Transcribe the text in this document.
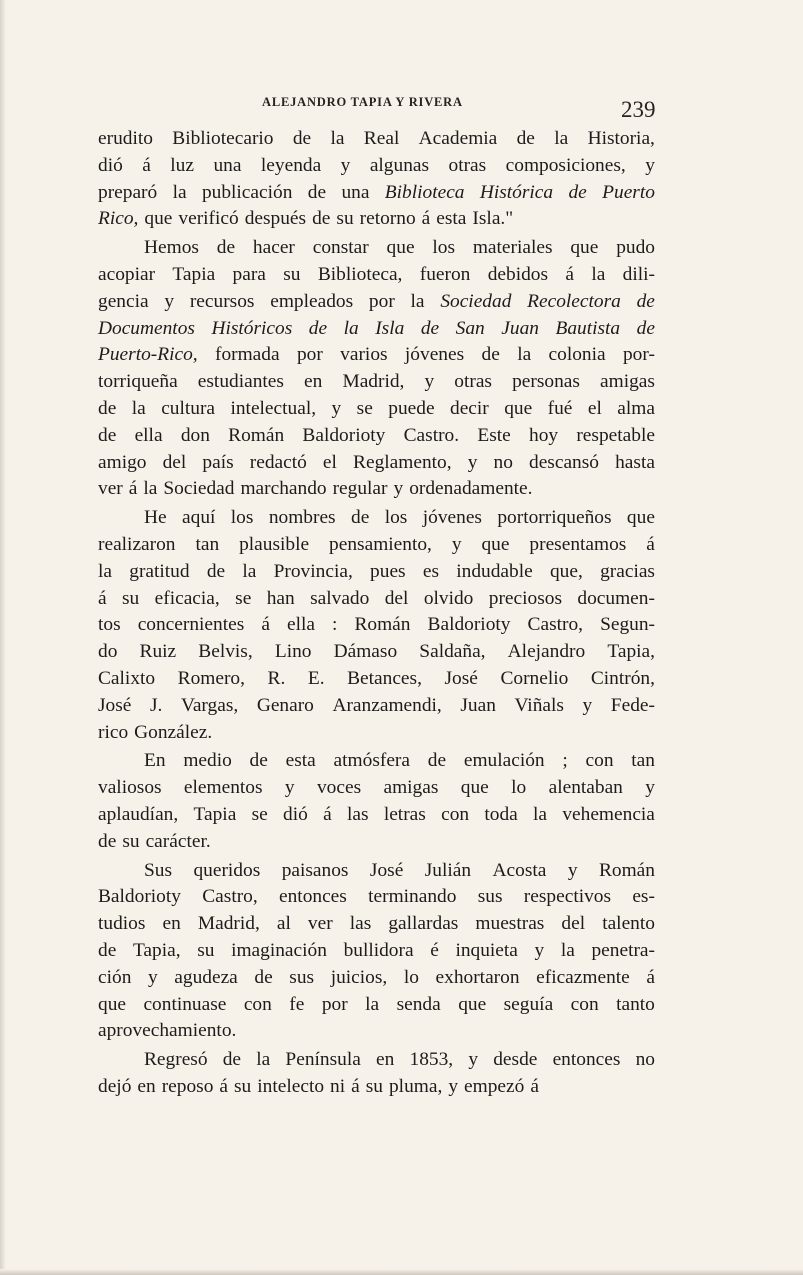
ALEJANDRO TAPIA Y RIVERA	239
erudito Bibliotecario de la Real Academia de la Historia,
dió á luz una leyenda y algunas otras composiciones, y
preparó la publicación de una Biblioteca Histórica de Puerto
Rico, que verificó después de su retorno á esta Isla."
Hemos de hacer constar que los materiales que pudo
acopiar Tapia para su Biblioteca, fueron debidos á la dili-
gencia y recursos empleados por la Sociedad Recolectora de
Documentos Históricos de la Isla de San Juan Bautista de
Puerto-Rico, formada por varios jóvenes de la colonia por-
torriqueña estudiantes en Madrid, y otras personas amigas
de la cultura intelectual, y se puede decir que fué el alma
de ella don Román Baldorioty Castro. Este hoy respetable
amigo del país redactó el Reglamento, y no descansó hasta
ver á la Sociedad marchando regular y ordenadamente.
He aquí los nombres de los jóvenes portorriqueños que
realizaron tan plausible pensamiento, y que presentamos á
la gratitud de la Provincia, pues es indudable que, gracias
á su eficacia, se han salvado del olvido preciosos documen-
tos concernientes á ella : Román Baldorioty Castro, Segun-
do Ruiz Belvis, Lino Dámaso Saldaña, Alejandro Tapia,
Calixto Romero, R. E. Betances, José Cornelio Cintrón,
José J. Vargas, Genaro Aranzamendi, Juan Viñals y Fede-
rico González.
En medio de esta atmósfera de emulación ; con tan
valiosos elementos y voces amigas que lo alentaban y
aplaudían, Tapia se dió á las letras con toda la vehemencia
de su carácter.
Sus queridos paisanos José Julián Acosta y Román
Baldorioty Castro, entonces terminando sus respectivos es-
tudios en Madrid, al ver las gallardas muestras del talento
de Tapia, su imaginación bullidora é inquieta y la penetra-
ción y agudeza de sus juicios, lo exhortaron eficazmente á
que continuase con fe por la senda que seguía con tanto
aprovechamiento.
Regresó de la Península en 1853, y desde entonces no
dejó en reposo á su intelecto ni á su pluma, y empezó á
